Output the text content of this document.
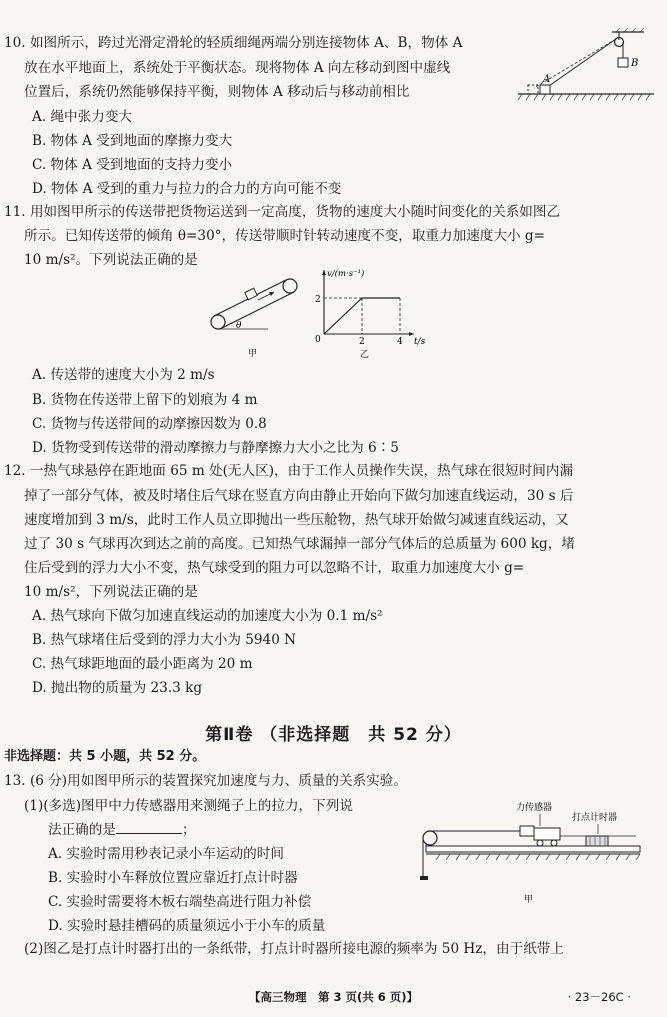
10. 如图所示，跨过光滑定滑轮的轻质细绳两端分别连接物体 A、B，物体 A
放在水平地面上，系统处于平衡状态。现将物体 A 向左移动到图中虚线
位置后，系统仍然能够保持平衡，则物体 A 移动后与移动前相比
A. 绳中张力变大
B. 物体 A 受到地面的摩擦力变大
C. 物体 A 受到地面的支持力变小
D. 物体 A 受到的重力与拉力的合力的方向可能不变
B
A
11. 用如图甲所示的传送带把货物运送到一定高度，货物的速度大小随时间变化的关系如图乙
所示。已知传送带的倾角 θ=30°，传送带顺时针转动速度不变，取重力加速度大小 g=
10 m/s²。下列说法正确的是
θ
甲
v/(m·s⁻¹)
t/s
2
0	2	4
乙
A. 传送带的速度大小为 2 m/s
B. 货物在传送带上留下的划痕为 4 m
C. 货物与传送带间的动摩擦因数为 0.8
D. 货物受到传送带的滑动摩擦力与静摩擦力大小之比为 6∶5
12. 一热气球悬停在距地面 65 m 处(无人区)，由于工作人员操作失误，热气球在很短时间内漏
掉了一部分气体，被及时堵住后气球在竖直方向由静止开始向下做匀加速直线运动，30 s 后
速度增加到 3 m/s，此时工作人员立即抛出一些压舱物，热气球开始做匀减速直线运动，又
过了 30 s 气球再次到达之前的高度。已知热气球漏掉一部分气体后的总质量为 600 kg，堵
住后受到的浮力大小不变，热气球受到的阻力可以忽略不计，取重力加速度大小 g=
10 m/s²，下列说法正确的是
A. 热气球向下做匀加速直线运动的加速度大小为 0.1 m/s²
B. 热气球堵住后受到的浮力大小为 5940 N
C. 热气球距地面的最小距离为 20 m
D. 抛出物的质量为 23.3 kg
第Ⅱ卷 （非选择题　共 52 分）
非选择题：共 5 小题，共 52 分。
13. (6 分)用如图甲所示的装置探究加速度与力、质量的关系实验。
(1)(多选)图甲中力传感器用来测绳子上的拉力，下列说
法正确的是	；
A. 实验时需用秒表记录小车运动的时间
B. 实验时小车释放位置应靠近打点计时器
C. 实验时需要将木板右端垫高进行阻力补偿
D. 实验时悬挂槽码的质量须远小于小车的质量
力传感器
打点计时器
甲
(2)图乙是打点计时器打出的一条纸带，打点计时器所接电源的频率为 50 Hz，由于纸带上
【高三物理　第 3 页(共 6 页)】	· 23－26C ·
